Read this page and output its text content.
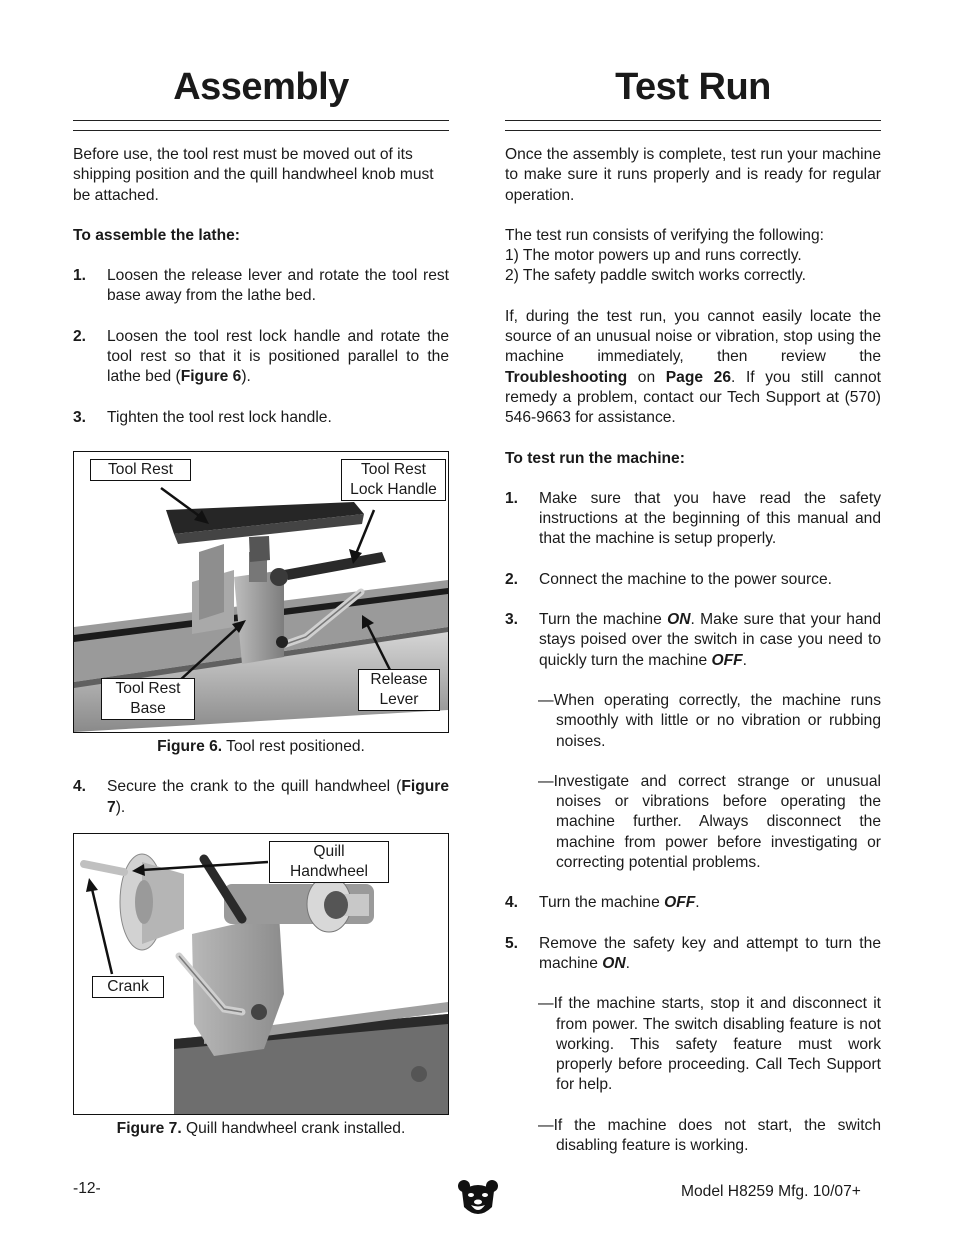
Assembly

Before use, the tool rest must be moved out of its shipping position and the quill handwheel knob must be attached.

To assemble the lathe:

1.	Loosen the release lever and rotate the tool rest base away from the lathe bed.
2.	Loosen the tool rest lock handle and rotate the tool rest so that it is positioned parallel to the lathe bed (Figure 6).
3.	Tighten the tool rest lock handle.
Tool Rest	Tool Rest
Lock Handle
Release
Lever
Tool Rest
Base
Figure 6. Tool rest positioned.
4.	Secure the crank to the quill handwheel (Figure 7).
Quill
Handwheel
Crank
Figure 7. Quill handwheel crank installed.
Test Run

Once the assembly is complete, test run your machine to make sure it runs properly and is ready for regular operation.

The test run consists of verifying the following:
1) The motor powers up and runs correctly.
2) The safety paddle switch works correctly.

If, during the test run, you cannot easily locate the source of an unusual noise or vibration, stop using the machine immediately, then review the Troubleshooting on Page 26. If you still cannot remedy a problem, contact our Tech Support at (570) 546-9663 for assistance.

To test run the machine:

1.	Make sure that you have read the safety instructions at the beginning of this manual and that the machine is setup properly.
2.	Connect the machine to the power source.
3.	Turn the machine ON. Make sure that your hand stays poised over the switch in case you need to quickly turn the machine OFF.
—When operating correctly, the machine runs smoothly with little or no vibration or rubbing noises.
—Investigate and correct strange or unusual noises or vibrations before operating the machine further. Always disconnect the machine from power before investigating or correcting potential problems.
4.	Turn the machine OFF.
5.	Remove the safety key and attempt to turn the machine ON.
—If the machine starts, stop it and disconnect it from power. The switch disabling feature is not working. This safety feature must work properly before proceeding. Call Tech Support for help.
—If the machine does not start, the switch disabling feature is working.
-12-	Model H8259 Mfg. 10/07+
